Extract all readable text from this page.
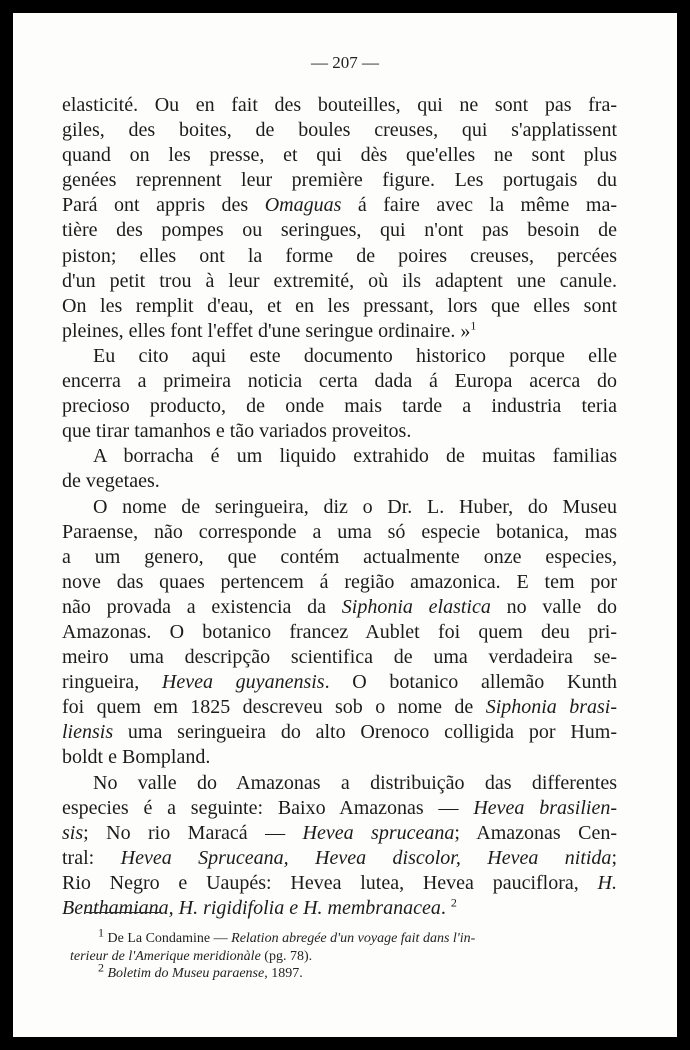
— 207 —
elasticité. Ou en fait des bouteilles, qui ne sont pas fra-
giles, des boites, de boules creuses, qui s'applatissent
quand on les presse, et qui dès que'elles ne sont plus
genées reprennent leur première figure. Les portugais du
Pará ont appris des Omaguas á faire avec la même ma-
tière des pompes ou seringues, qui n'ont pas besoin de
piston; elles ont la forme de poires creuses, percées
d'un petit trou à leur extremité, où ils adaptent une canule.
On les remplit d'eau, et en les pressant, lors que elles sont
pleines, elles font l'effet d'une seringue ordinaire. »$^1$
Eu cito aqui este documento historico porque elle
encerra a primeira noticia certa dada á Europa acerca do
precioso producto, de onde mais tarde a industria teria
que tirar tamanhos e tão variados proveitos.
A borracha é um liquido extrahido de muitas familias
de vegetaes.
O nome de seringueira, diz o Dr. L. Huber, do Museu
Paraense, não corresponde a uma só especie botanica, mas
a um genero, que contém actualmente onze especies,
nove das quaes pertencem á região amazonica. E tem por
não provada a existencia da Siphonia elastica no valle do
Amazonas. O botanico francez Aublet foi quem deu pri-
meiro uma descripção scientifica de uma verdadeira se-
ringueira, Hevea guyanensis. O botanico allemão Kunth
foi quem em 1825 descreveu sob o nome de Siphonia brasi-
liensis uma seringueira do alto Orenoco colligida por Hum-
boldt e Bompland.
No valle do Amazonas a distribuição das differentes
especies é a seguinte: Baixo Amazonas — Hevea brasilien-
sis; No rio Maracá — Hevea spruceana; Amazonas Cen-
tral: Hevea Spruceana, Hevea discolor, Hevea nitida;
Rio Negro e Uaupés: Hevea lutea, Hevea pauciflora, H.
Benthamiana, H. rigidifolia e H. membranacea. $^2$
$^1$ De La Condamine — Relation abregée d'un voyage fait dans l'in-
terieur de l'Amerique meridionàle (pg. 78).
$^2$ Boletim do Museu paraense, 1897.
